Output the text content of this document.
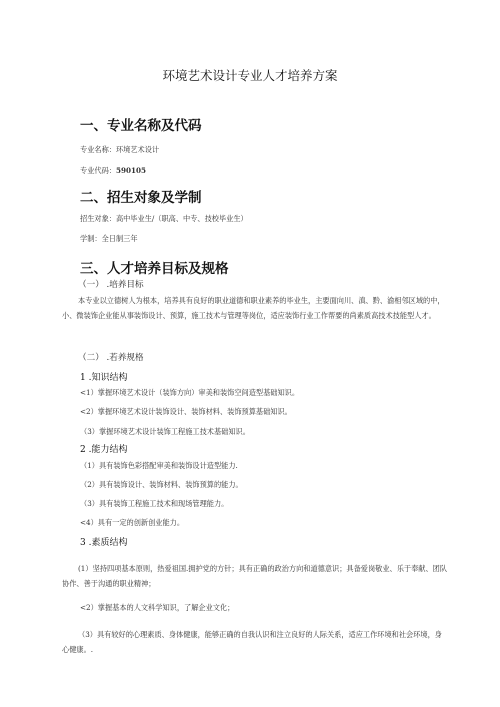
环境艺术设计专业人才培养方案
一、专业名称及代码
专业名称：环境艺术设计
专业代码：590105
二、招生对象及学制
招生对象：高中毕业生/（职高、中专、技校毕业生）
学制：全日制三年
三、人才培养目标及规格
（一） .培养目标
本专业以立德树人为根本，培养具有良好的职业道德和职业素养的毕业生，主要面向川、滇、黔、渝相邻区域的中，小、微装饰企业能从事装饰设计、预算，施工技术与管理等岗位，适应装饰行业工作帮要的尚素质高技术技能型人才。
（二） .若养规格
1 .知识结构
<1）掌握环境艺术设计（装饰方向）审美和装饰空间造型基础知识。
<2）掌握环境艺术设计装饰设计、装饰材料、装饰预算基础知识。
（3）掌握环境艺术设计装饰工程施工技术基础知识。
2 .能力结构
（1）具有装饰色彩搭配审美和装饰设计造型能力.
（2）具有装饰设计、装饰材料、装饰预算的能力。
（3）具有装饰工程施工技术和现场管理能力。
<4）具有一定的创新创业能力。
3 .素质结构
(1）坚持四项基本原则，热爱祖国.拥护党的方针；具有正确的政治方向和道德意识；具备爱岗敬业、乐于奉献、团队协作、善于沟通的职业精神；
<2）掌握基本的人文科学知识，了解企业文化；
（3）具有较好的心理素质、身体健康，能够正确的自我认识和注立良好的人际关系，适应工作环境和社会环境，身心健康。.
